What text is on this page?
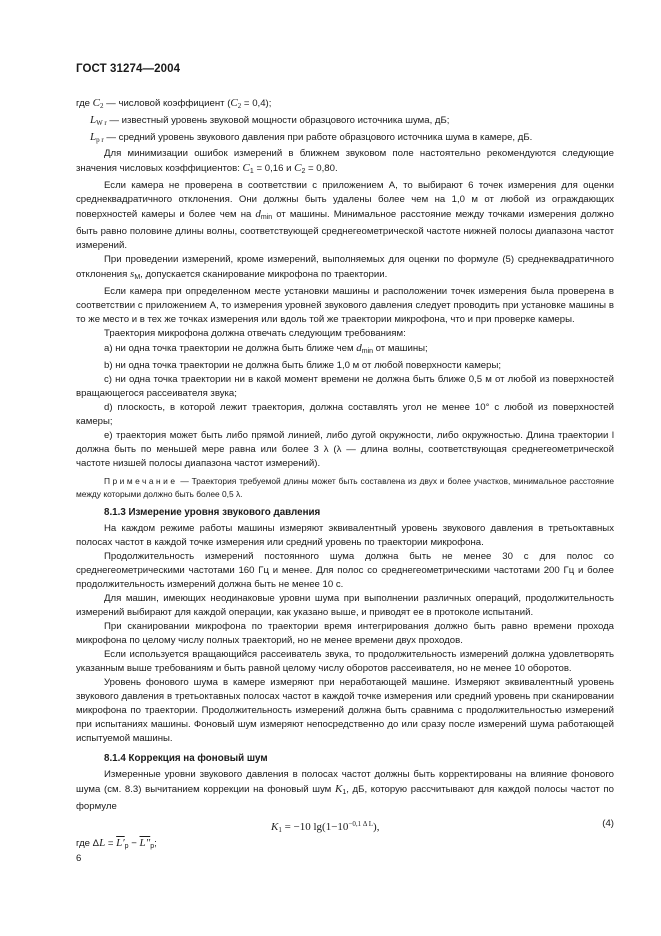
ГОСТ 31274—2004

где $C_2$ — числовой коэффициент $(C_2 = 0,4)$;

$L_{W r}$ — известный уровень звуковой мощности образцового источника шума, дБ;

$L_{p r}$ — средний уровень звукового давления при работе образцового источника шума в камере, дБ.

Для минимизации ошибок измерений в ближнем звуковом поле настоятельно рекомендуются следующие значения числовых коэффициентов: $C_1 = 0,16$ и $C_2 = 0,80$.

Если камера не проверена в соответствии с приложением А, то выбирают 6 точек измерения для оценки среднеквадратичного отклонения. Они должны быть удалены более чем на 1,0 м от любой из ограждающих поверхностей камеры и более чем на $d_{min}$ от машины. Минимальное расстояние между точками измерения должно быть равно половине длины волны, соответствующей среднегеометрической частоте нижней полосы диапазона частот измерений.

При проведении измерений, кроме измерений, выполняемых для оценки по формуле (5) среднеквадратичного отклонения $s_M$, допускается сканирование микрофона по траектории.

Если камера при определенном месте установки машины и расположении точек измерения была проверена в соответствии с приложением А, то измерения уровней звукового давления следует проводить при установке машины в то же место и в тех же точках измерения или вдоль той же траектории микрофона, что и при проверке камеры.

Траектория микрофона должна отвечать следующим требованиям:

а) ни одна точка траектории не должна быть ближе чем $d_{min}$ от машины;

b) ни одна точка траектории не должна быть ближе 1,0 м от любой поверхности камеры;

c) ни одна точка траектории ни в какой момент времени не должна быть ближе 0,5 м от любой из поверхностей вращающегося рассеивателя звука;

d) плоскость, в которой лежит траектория, должна составлять угол не менее 10° с любой из поверхностей камеры;

е) траектория может быть либо прямой линией, либо дугой окружности, либо окружностью. Длина траектории l должна быть по меньшей мере равна или более 3 λ (λ — длина волны, соответствующая среднегеометрической частоте низшей полосы диапазона частот измерений).

Примечание — Траектория требуемой длины может быть составлена из двух и более участков, минимальное расстояние между которыми должно быть более 0,5 λ.

8.1.3 Измерение уровня звукового давления

На каждом режиме работы машины измеряют эквивалентный уровень звукового давления в третьоктавных полосах частот в каждой точке измерения или средний уровень по траектории микрофона.

Продолжительность измерений постоянного шума должна быть не менее 30 с для полос со среднегеометрическими частотами 160 Гц и менее. Для полос со среднегеометрическими частотами 200 Гц и более продолжительность измерений должна быть не менее 10 с.

Для машин, имеющих неодинаковые уровни шума при выполнении различных операций, продолжительность измерений выбирают для каждой операции, как указано выше, и приводят ее в протоколе испытаний.

При сканировании микрофона по траектории время интегрирования должно быть равно времени прохода микрофона по целому числу полных траекторий, но не менее времени двух проходов.

Если используется вращающийся рассеиватель звука, то продолжительность измерений должна удовлетворять указанным выше требованиям и быть равной целому числу оборотов рассеивателя, но не менее 10 оборотов.

Уровень фонового шума в камере измеряют при неработающей машине. Измеряют эквивалентный уровень звукового давления в третьоктавных полосах частот в каждой точке измерения или средний уровень при сканировании микрофона по траектории. Продолжительность измерений должна быть сравнима с продолжительностью измерений при испытаниях машины. Фоновый шум измеряют непосредственно до или сразу после измерений шума работающей испытуемой машины.

8.1.4 Коррекция на фоновый шум

Измеренные уровни звукового давления в полосах частот должны быть корректированы на влияние фонового шума (см. 8.3) вычитанием коррекции на фоновый шум $K_1$, дБ, которую рассчитывают для каждой полосы частот по формуле

$K_1 = -10$ $\lg(1-10^{-0,1 \Delta L})$,	(4)

где $\Delta L = L'_p - L''_p$;

6
